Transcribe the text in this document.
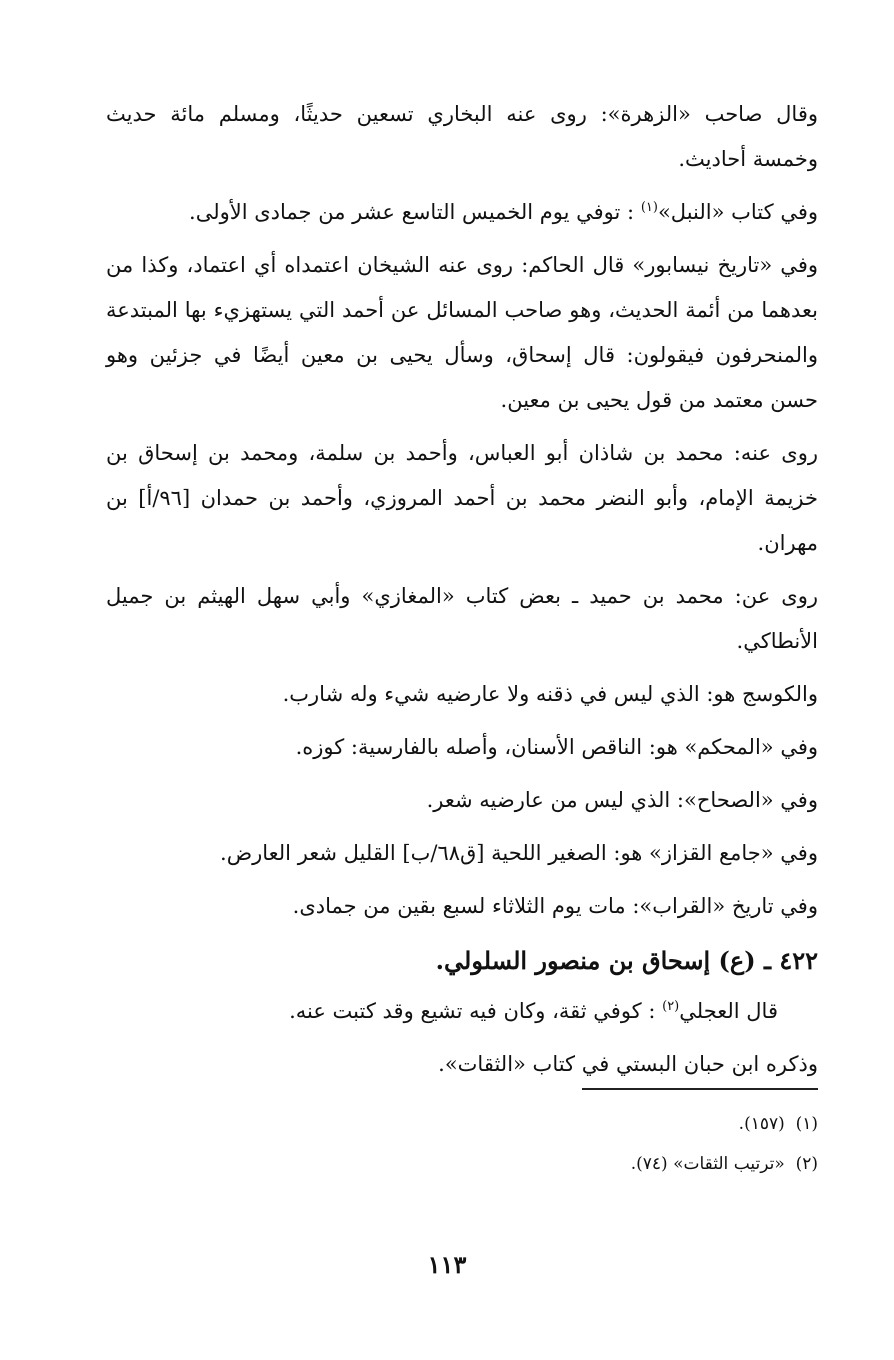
وقال صاحب «الزهرة»: روى عنه البخاري تسعين حديثًا، ومسلم مائة حديث وخمسة أحاديث.

وفي كتاب «النبل»$^{(١)}$ : توفي يوم الخميس التاسع عشر من جمادى الأولى.

وفي «تاريخ نيسابور» قال الحاكم: روى عنه الشيخان اعتمداه أي اعتماد، وكذا من بعدهما من أئمة الحديث، وهو صاحب المسائل عن أحمد التي يستهزيء بها المبتدعة والمنحرفون فيقولون: قال إسحاق، وسأل يحيى بن معين أيضًا في جزئين وهو حسن معتمد من قول يحيى بن معين.

روى عنه: محمد بن شاذان أبو العباس، وأحمد بن سلمة، ومحمد بن إسحاق بن خزيمة الإمام، وأبو النضر محمد بن أحمد المروزي، وأحمد بن حمدان [٩٦/أ] بن مهران.

روى عن: محمد بن حميد ـ بعض كتاب «المغازي» وأبي سهل الهيثم بن جميل الأنطاكي.

والكوسج هو: الذي ليس في ذقنه ولا عارضيه شيء وله شارب.

وفي «المحكم» هو: الناقص الأسنان، وأصله بالفارسية: كوزه.

وفي «الصحاح»: الذي ليس من عارضيه شعر.

وفي «جامع القزاز» هو: الصغير اللحية [ق٦٨/ب] القليل شعر العارض.

وفي تاريخ «القراب»: مات يوم الثلاثاء لسبع بقين من جمادى.

٤٢٢ ـ (ع) إسحاق بن منصور السلولي.

قال العجلي$^{(٢)}$ : كوفي ثقة، وكان فيه تشيع وقد كتبت عنه.

وذكره ابن حبان البستي في كتاب «الثقات».

(١)  (١٥٧).

(٢)  «ترتيب الثقات» (٧٤).

١١٣
